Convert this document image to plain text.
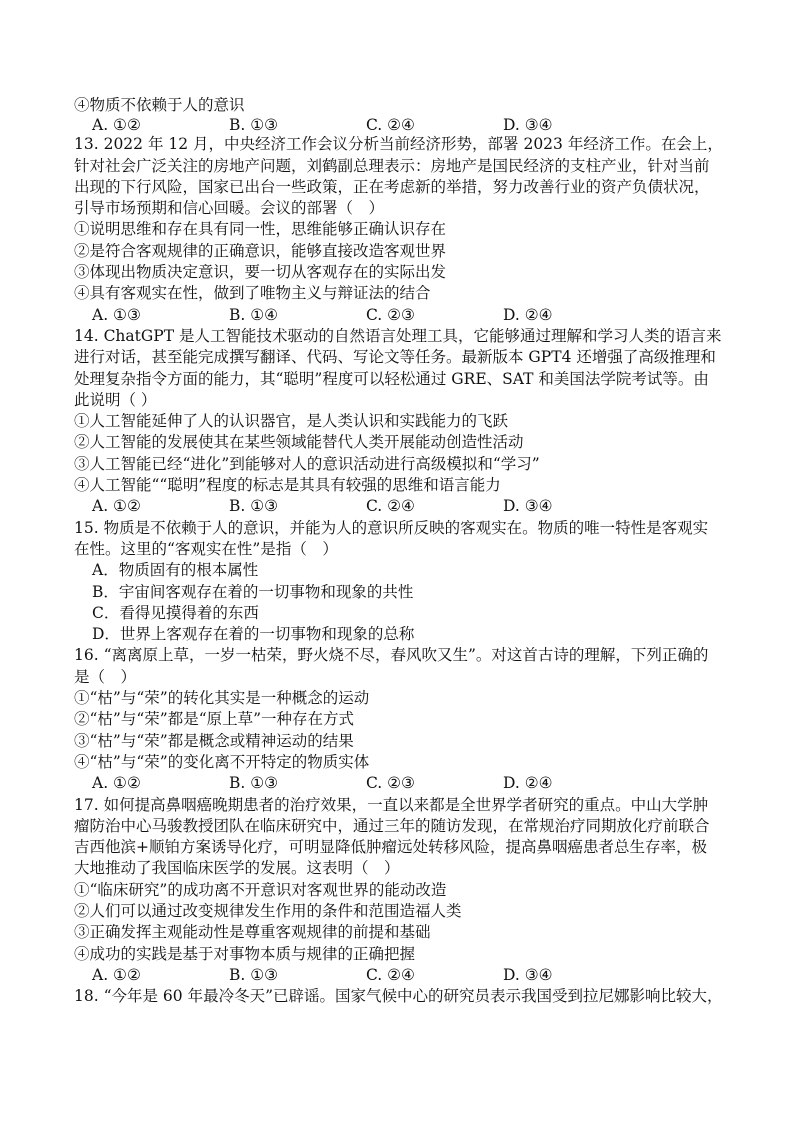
④物质不依赖于人的意识
A. ①②	B. ①③	C. ②④	D. ③④
13. 2022 年 12 月，中央经济工作会议分析当前经济形势，部署 2023 年经济工作。在会上，
针对社会广泛关注的房地产问题，刘鹤副总理表示：房地产是国民经济的支柱产业，针对当前
出现的下行风险，国家已出台一些政策，正在考虑新的举措，努力改善行业的资产负债状况，
引导市场预期和信心回暖。会议的部署（　）
①说明思维和存在具有同一性，思维能够正确认识存在
②是符合客观规律的正确意识，能够直接改造客观世界
③体现出物质决定意识，要一切从客观存在的实际出发
④具有客观实在性，做到了唯物主义与辩证法的结合
A. ①③	B. ①④	C. ②③	D. ②④
14. ChatGPT 是人工智能技术驱动的自然语言处理工具，它能够通过理解和学习人类的语言来
进行对话，甚至能完成撰写翻译、代码、写论文等任务。最新版本 GPT4 还增强了高级推理和
处理复杂指令方面的能力，其“聪明”程度可以轻松通过 GRE、SAT 和美国法学院考试等。由
此说明（ ）
①人工智能延伸了人的认识器官，是人类认识和实践能力的飞跃
②人工智能的发展使其在某些领域能替代人类开展能动创造性活动
③人工智能已经“进化”到能够对人的意识活动进行高级模拟和“学习”
④人工智能““聪明”程度的标志是其具有较强的思维和语言能力
A. ①②	B. ①③	C. ②④	D. ③④
15. 物质是不依赖于人的意识，并能为人的意识所反映的客观实在。物质的唯一特性是客观实
在性。这里的“客观实在性”是指（　）
A．物质固有的根本属性
B．宇宙间客观存在着的一切事物和现象的共性
C．看得见摸得着的东西
D．世界上客观存在着的一切事物和现象的总称
16. “离离原上草，一岁一枯荣，野火烧不尽，春风吹又生”。对这首古诗的理解，下列正确的
是（　）
①“枯”与“荣”的转化其实是一种概念的运动
②“枯”与“荣”都是“原上草”一种存在方式
③“枯”与“荣”都是概念或精神运动的结果
④“枯”与“荣”的变化离不开特定的物质实体
A. ①②	B. ①③	C. ②③	D. ②④
17. 如何提高鼻咽癌晚期患者的治疗效果，一直以来都是全世界学者研究的重点。中山大学肿
瘤防治中心马骏教授团队在临床研究中，通过三年的随访发现，在常规治疗同期放化疗前联合
吉西他滨+顺铂方案诱导化疗，可明显降低肿瘤远处转移风险，提高鼻咽癌患者总生存率，极
大地推动了我国临床医学的发展。这表明（　）
①“临床研究”的成功离不开意识对客观世界的能动改造
②人们可以通过改变规律发生作用的条件和范围造福人类
③正确发挥主观能动性是尊重客观规律的前提和基础
④成功的实践是基于对事物本质与规律的正确把握
A. ①②	B. ①③	C. ②④	D. ③④
18. “今年是 60 年最冷冬天”已辟谣。国家气候中心的研究员表示我国受到拉尼娜影响比较大，
